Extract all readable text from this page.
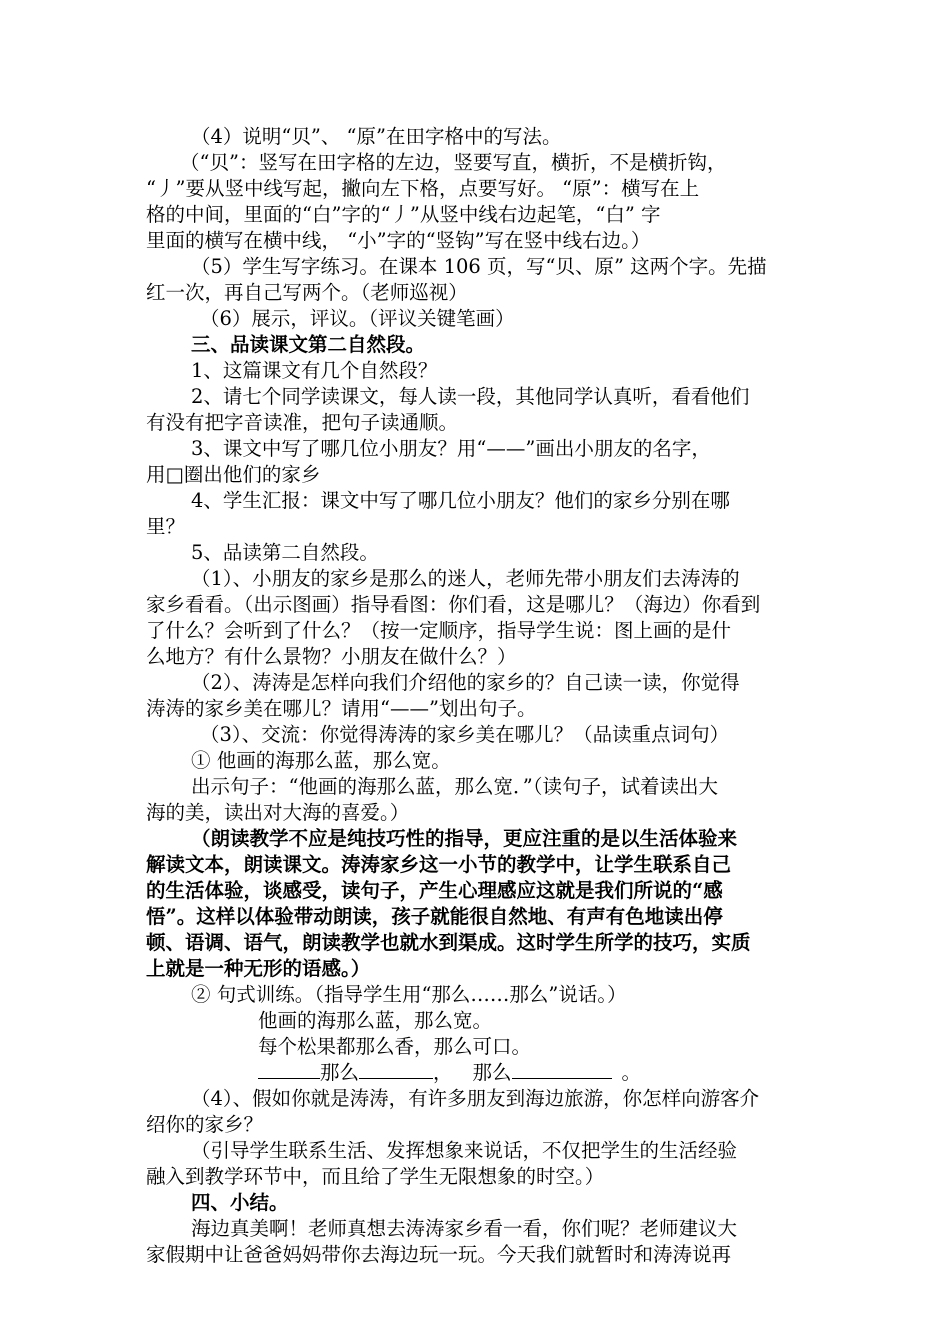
（4）说明“贝”、 “原”在田字格中的写法。
（“贝”：竖写在田字格的左边，竖要写直，横折，不是横折钩，
“丿”要从竖中线写起，撇向左下格，点要写好。 “原”：横写在上
格的中间，里面的“白”字的“丿”从竖中线右边起笔，“白” 字
里面的横写在横中线， “小”字的“竖钩”写在竖中线右边。）
（5）学生写字练习。在课本 106 页，写“贝、原” 这两个字。先描
红一次，再自己写两个。（老师巡视）
（6）展示，评议。（评议关键笔画）
三、品读课文第二自然段。
1、这篇课文有几个自然段？
2、请七个同学读课文，每人读一段，其他同学认真听，看看他们
有没有把字音读准，把句子读通顺。
3、课文中写了哪几位小朋友？用“——”画出小朋友的名字，
用□圈出他们的家乡
4、学生汇报：课文中写了哪几位小朋友？他们的家乡分别在哪
里？
5、品读第二自然段。
（1）、小朋友的家乡是那么的迷人，老师先带小朋友们去涛涛的
家乡看看。（出示图画）指导看图：你们看，这是哪儿？（海边）你看到
了什么？会听到了什么？（按一定顺序，指导学生说：图上画的是什
么地方？有什么景物？小朋友在做什么？）
（2）、涛涛是怎样向我们介绍他的家乡的？自己读一读，你觉得
涛涛的家乡美在哪儿？请用“——”划出句子。
（3）、交流：你觉得涛涛的家乡美在哪儿？（品读重点词句）
① 他画的海那么蓝，那么宽。
出示句子：“他画的海那么蓝，那么宽．”（读句子，试着读出大
海的美，读出对大海的喜爱。）
（朗读教学不应是纯技巧性的指导，更应注重的是以生活体验来
解读文本，朗读课文。涛涛家乡这一小节的教学中，让学生联系自己
的生活体验，谈感受，读句子，产生心理感应这就是我们所说的“感
悟”。这样以体验带动朗读，孩子就能很自然地、有声有色地读出停
顿、语调、语气，朗读教学也就水到渠成。这时学生所学的技巧，实质
上就是一种无形的语感。）
② 句式训练。（指导学生用“那么……那么”说话。）
他画的海那么蓝，那么宽。
每个松果都那么香，那么可口。
那么	， 那么	。
（4）、假如你就是涛涛，有许多朋友到海边旅游，你怎样向游客介
绍你的家乡？
（引导学生联系生活、发挥想象来说话，不仅把学生的生活经验
融入到教学环节中，而且给了学生无限想象的时空。）
四、小结。
海边真美啊！老师真想去涛涛家乡看一看，你们呢？老师建议大
家假期中让爸爸妈妈带你去海边玩一玩。今天我们就暂时和涛涛说再
